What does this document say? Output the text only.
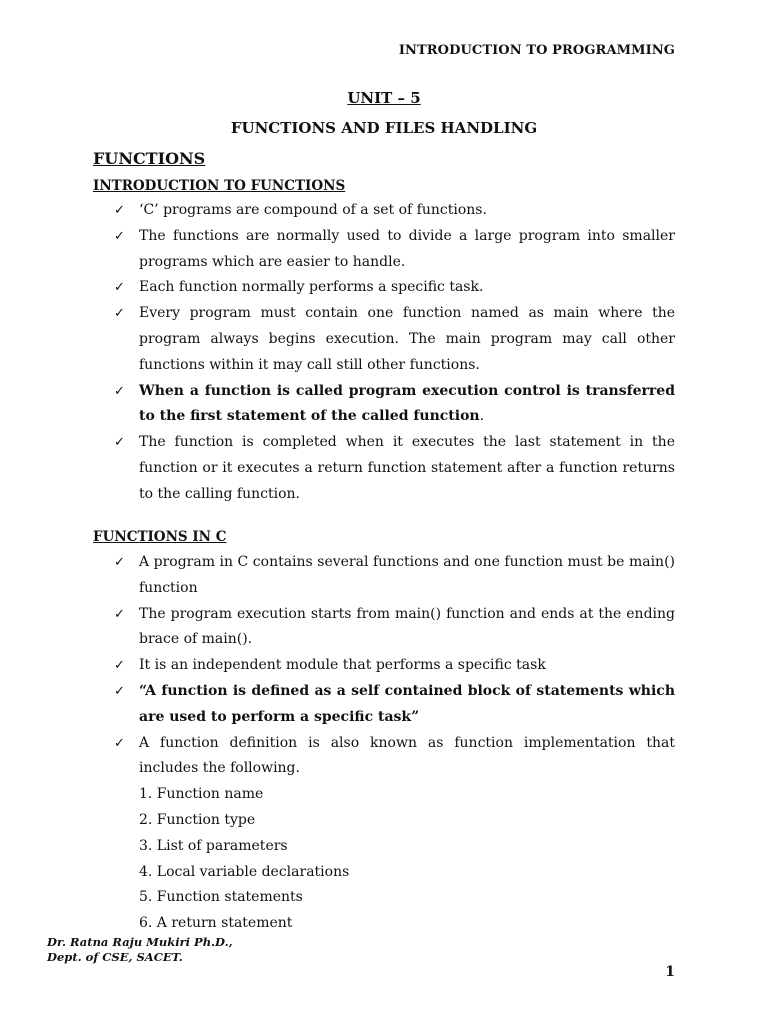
INTRODUCTION TO PROGRAMMING
UNIT – 5
FUNCTIONS AND FILES HANDLING
FUNCTIONS
INTRODUCTION TO FUNCTIONS
✓ ‘C’ programs are compound of a set of functions.
✓ The functions are normally used to divide a large program into smaller programs which are easier to handle.
✓ Each function normally performs a specific task.
✓ Every program must contain one function named as main where the program always begins execution. The main program may call other functions within it may call still other functions.
✓ When a function is called program execution control is transferred to the first statement of the called function.
✓ The function is completed when it executes the last statement in the function or it executes a return function statement after a function returns to the calling function.
FUNCTIONS IN C
✓ A program in C contains several functions and one function must be main() function
✓ The program execution starts from main() function and ends at the ending brace of main().
✓ It is an independent module that performs a specific task
✓ “A function is defined as a self contained block of statements which are used to perform a specific task”
✓ A function definition is also known as function implementation that includes the following.
1. Function name
2. Function type
3. List of parameters
4. Local variable declarations
5. Function statements
6. A return statement
Dr. Ratna Raju Mukiri Ph.D.,
Dept. of CSE, SACET.
1
